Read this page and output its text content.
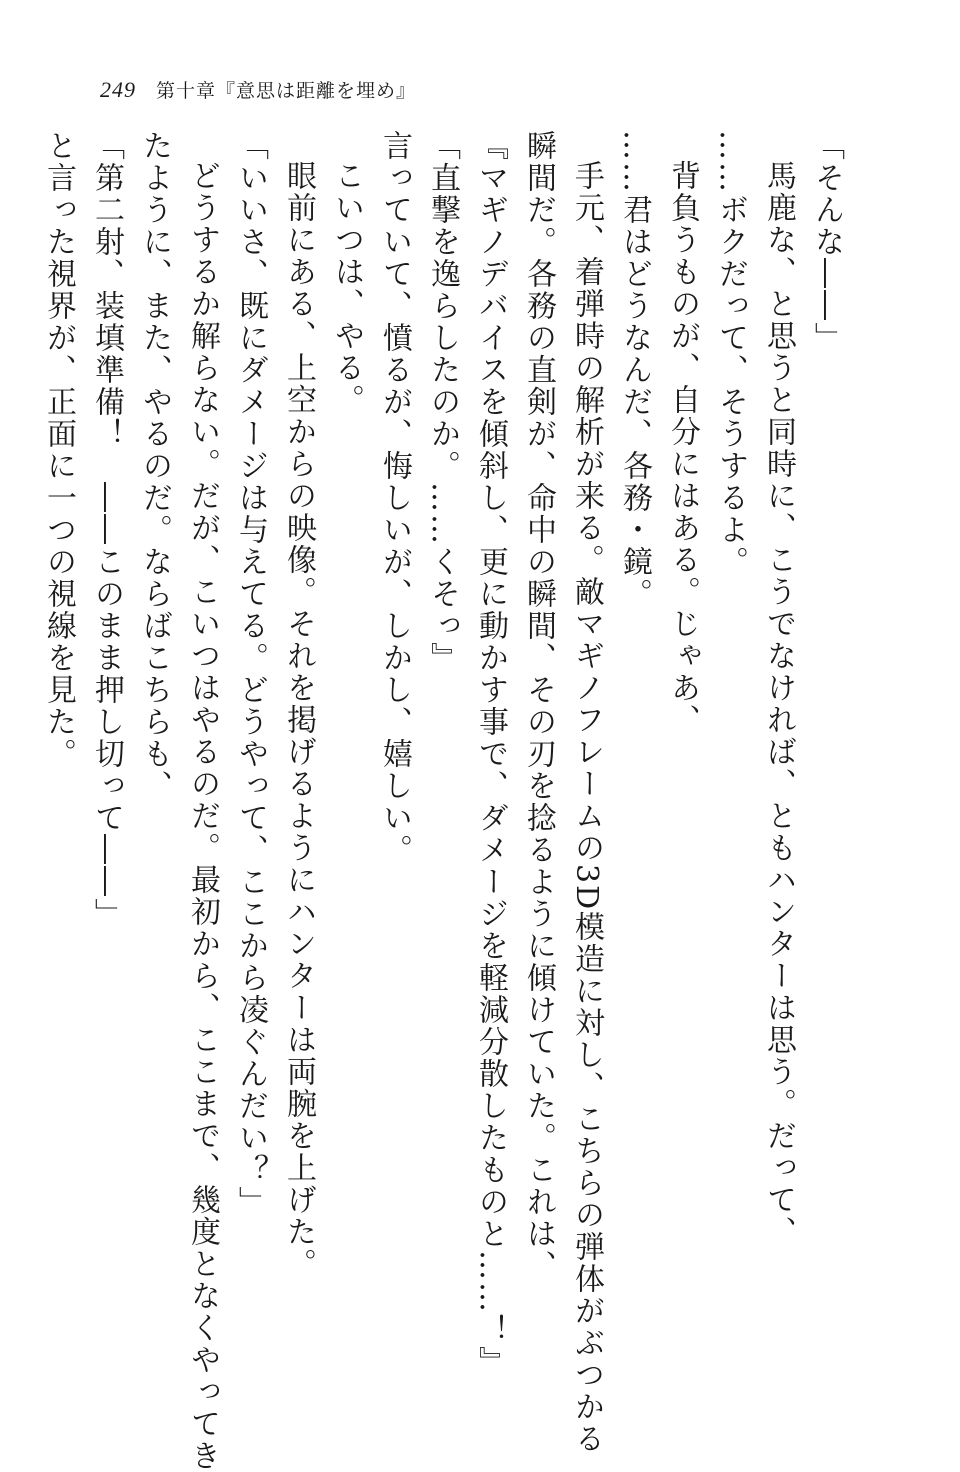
249 第十章『意思は距離を埋め』
「そんな――」
馬鹿な、と思うと同時に、こうでなければ、ともハンターは思う。だって、
……ボクだって、そうするよ。
背負うものが、自分にはある。じゃあ、
……君はどうなんだ、各務・鏡。
手元、着弾時の解析が来る。敵マギノフレームの3D模造に対し、こちらの弾体がぶつかる
瞬間だ。各務の直剣が、命中の瞬間、その刃を捻るように傾けていた。これは、
『マギノデバイスを傾斜し、更に動かす事で、ダメージを軽減分散したものと……！』
「直撃を逸らしたのか。……くそっ』
言っていて、憤るが、悔しいが、しかし、嬉しい。
こいつは、やる。
眼前にある、上空からの映像。それを掲げるようにハンターは両腕を上げた。
「いいさ、既にダメージは与えてる。どうやって、ここから凌ぐんだい？」
どうするか解らない。だが、こいつはやるのだ。最初から、ここまで、幾度となくやってき
たように、また、やるのだ。ならばこちらも、
「第二射、装填準備！　――このまま押し切って――」
と言った視界が、正面に一つの視線を見た。
